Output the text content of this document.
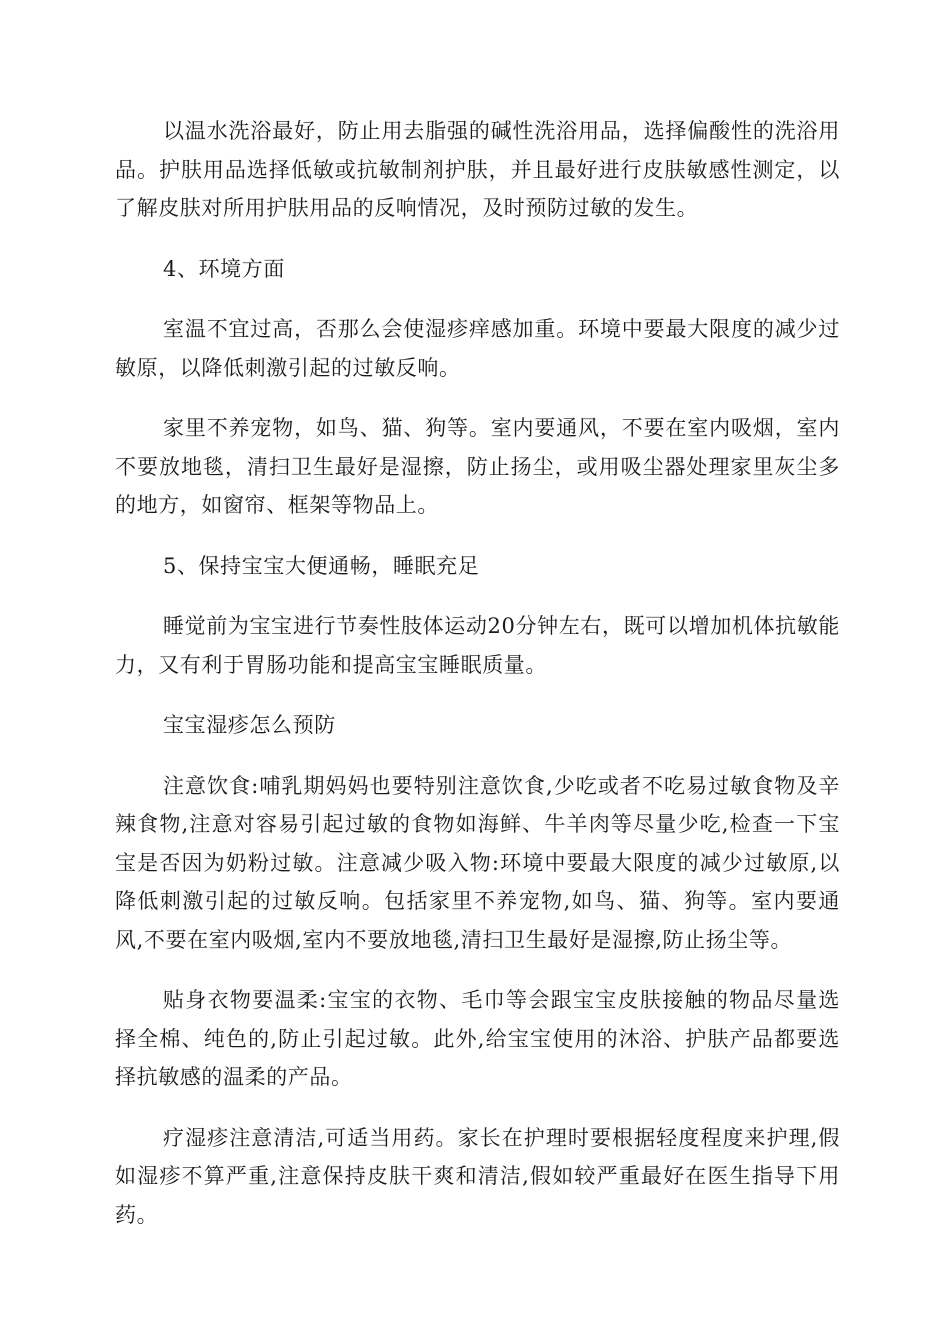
以温水洗浴最好，防止用去脂强的碱性洗浴用品，选择偏酸性的洗浴用品。护肤用品选择低敏或抗敏制剂护肤，并且最好进行皮肤敏感性测定，以了解皮肤对所用护肤用品的反响情况，及时预防过敏的发生。

4、环境方面

室温不宜过高，否那么会使湿疹痒感加重。环境中要最大限度的减少过敏原，以降低刺激引起的过敏反响。

家里不养宠物，如鸟、猫、狗等。室内要通风，不要在室内吸烟，室内不要放地毯，清扫卫生最好是湿擦，防止扬尘，或用吸尘器处理家里灰尘多的地方，如窗帘、框架等物品上。

5、保持宝宝大便通畅，睡眠充足

睡觉前为宝宝进行节奏性肢体运动20分钟左右，既可以增加机体抗敏能力，又有利于胃肠功能和提高宝宝睡眠质量。

宝宝湿疹怎么预防

注意饮食:哺乳期妈妈也要特别注意饮食,少吃或者不吃易过敏食物及辛辣食物,注意对容易引起过敏的食物如海鲜、牛羊肉等尽量少吃,检查一下宝宝是否因为奶粉过敏。注意减少吸入物:环境中要最大限度的减少过敏原,以降低刺激引起的过敏反响。包括家里不养宠物,如鸟、猫、狗等。室内要通风,不要在室内吸烟,室内不要放地毯,清扫卫生最好是湿擦,防止扬尘等。

贴身衣物要温柔:宝宝的衣物、毛巾等会跟宝宝皮肤接触的物品尽量选择全棉、纯色的,防止引起过敏。此外,给宝宝使用的沐浴、护肤产品都要选择抗敏感的温柔的产品。

疗湿疹注意清洁,可适当用药。家长在护理时要根据轻度程度来护理,假如湿疹不算严重,注意保持皮肤干爽和清洁,假如较严重最好在医生指导下用药。
